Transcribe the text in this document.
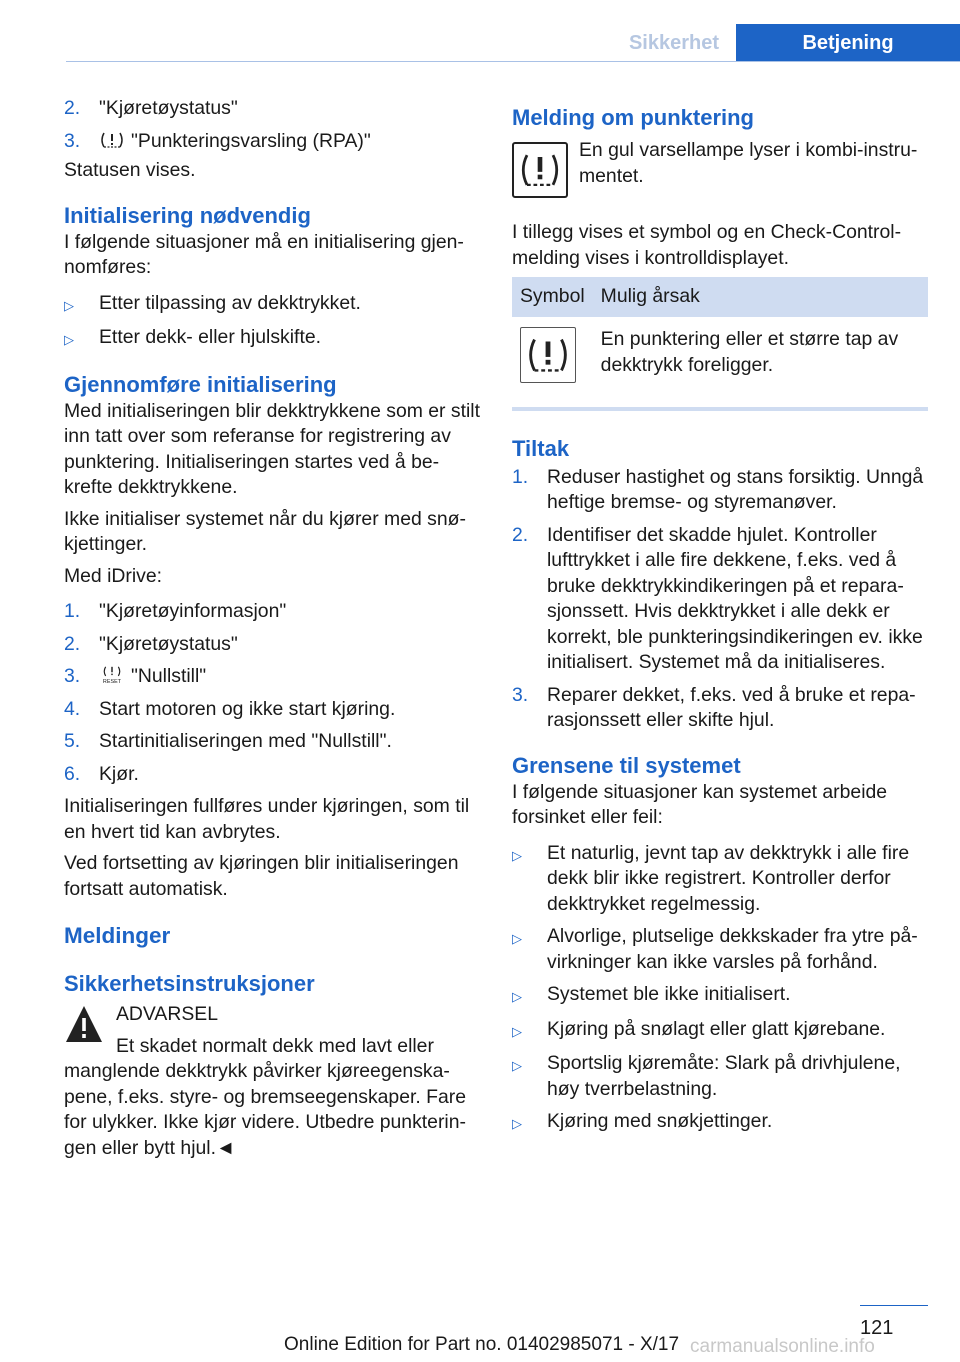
Sikkerhet	Betjening
2. "Kjøretøystatus"
3.	"Punkteringsvarsling (RPA)"
Statusen vises.
Initialisering nødvendig
I følgende situasjoner må en initialisering gjennomføres:
▷	Etter tilpassing av dekktrykket.
▷	Etter dekk- eller hjulskifte.
Gjennomføre initialisering
Med initialiseringen blir dekktrykkene som er stilt inn tatt over som referanse for registrering av punktering. Initialiseringen startes ved å bekrefte dekktrykkene.
Ikke initialiser systemet når du kjører med snøkjettinger.
Med iDrive:
1. "Kjøretøyinformasjon"
2. "Kjøretøystatus"
3.	RESET "Nullstill"
4. Start motoren og ikke start kjøring.
5. Startinitialiseringen med "Nullstill".
6. Kjør.
Initialiseringen fullføres under kjøringen, som til en hvert tid kan avbrytes.
Ved fortsetting av kjøringen blir initialiseringen fortsatt automatisk.
Meldinger
Sikkerhetsinstruksjoner
ADVARSEL
Et skadet normalt dekk med lavt eller manglende dekktrykk påvirker kjøreegenskapene, f.eks. styre- og bremseegenskaper. Fare for ulykker. Ikke kjør videre. Utbedre punkteringen eller bytt hjul.◄
Melding om punktering
En gul varsellampe lyser i kombi-instrumentet.
I tillegg vises et symbol og en Check-Control-melding vises i kontrolldisplayet.
Symbol	Mulig årsak
	En punktering eller et større tap av dekktrykk foreligger.
Tiltak
1. Reduser hastighet og stans forsiktig. Unngå heftige bremse- og styremanøver.
2. Identifiser det skadde hjulet. Kontroller lufttrykket i alle fire dekkene, f.eks. ved å bruke dekktrykkindikeringen på et reparasjonssett. Hvis dekktrykket i alle dekk er korrekt, ble punkteringsindikeringen ev. ikke initialisert. Systemet må da initialiseres.
3. Reparer dekket, f.eks. ved å bruke et reparasjonssett eller skifte hjul.
Grensene til systemet
I følgende situasjoner kan systemet arbeide forsinket eller feil:
▷	Et naturlig, jevnt tap av dekktrykk i alle fire dekk blir ikke registrert. Kontroller derfor dekktrykket regelmessig.
▷	Alvorlige, plutselige dekkskader fra ytre påvirkninger kan ikke varsles på forhånd.
▷	Systemet ble ikke initialisert.
▷	Kjøring på snølagt eller glatt kjørebane.
▷	Sportslig kjøremåte: Slark på drivhjulene, høy tverrbelastning.
▷	Kjøring med snøkjettinger.
121
Online Edition for Part no. 01402985071 - X/17 carmanualsonline.info
